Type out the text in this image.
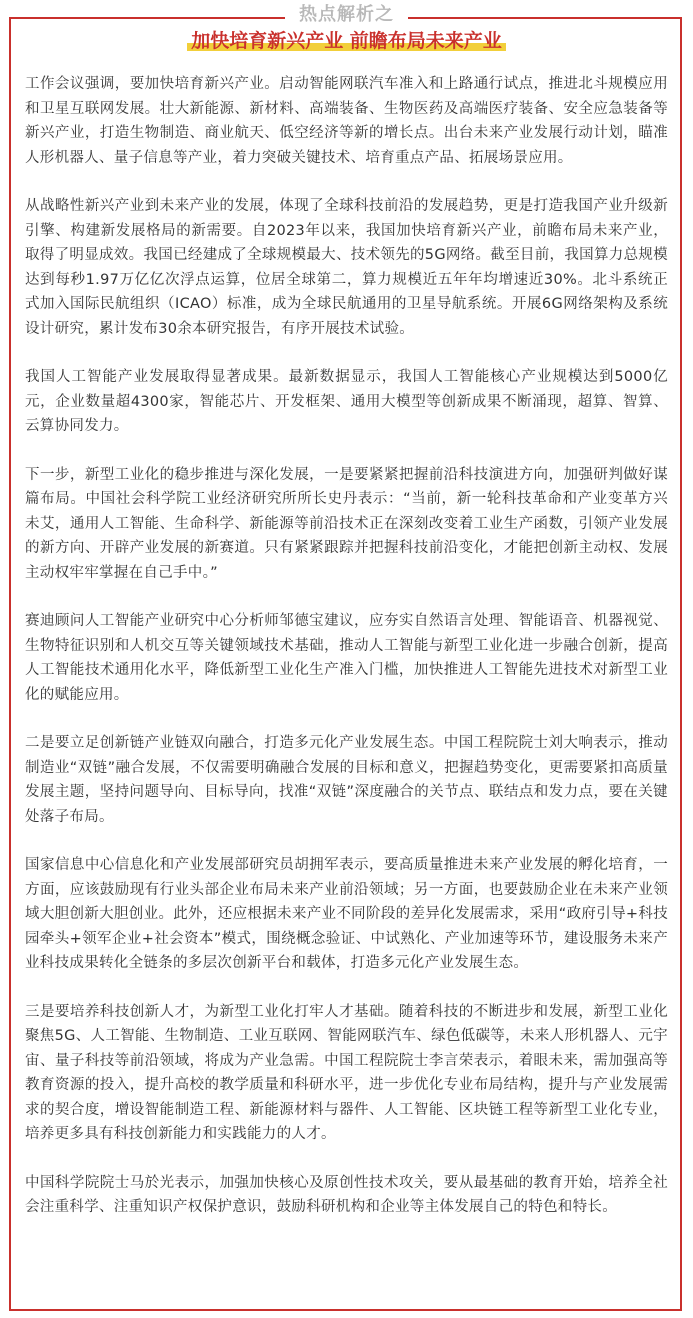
热点解析之
加快培育新兴产业 前瞻布局未来产业

工作会议强调，要加快培育新兴产业。启动智能网联汽车准入和上路通行试点，推进北斗规模应用和卫星互联网发展。壮大新能源、新材料、高端装备、生物医药及高端医疗装备、安全应急装备等新兴产业，打造生物制造、商业航天、低空经济等新的增长点。出台未来产业发展行动计划，瞄准人形机器人、量子信息等产业，着力突破关键技术、培育重点产品、拓展场景应用。

从战略性新兴产业到未来产业的发展，体现了全球科技前沿的发展趋势，更是打造我国产业升级新引擎、构建新发展格局的新需要。自2023年以来，我国加快培育新兴产业，前瞻布局未来产业，取得了明显成效。我国已经建成了全球规模最大、技术领先的5G网络。截至目前，我国算力总规模达到每秒1.97万亿亿次浮点运算，位居全球第二，算力规模近五年年均增速近30%。北斗系统正式加入国际民航组织（ICAO）标准，成为全球民航通用的卫星导航系统。开展6G网络架构及系统设计研究，累计发布30余本研究报告，有序开展技术试验。

我国人工智能产业发展取得显著成果。最新数据显示，我国人工智能核心产业规模达到5000亿元，企业数量超4300家，智能芯片、开发框架、通用大模型等创新成果不断涌现，超算、智算、云算协同发力。

下一步，新型工业化的稳步推进与深化发展，一是要紧紧把握前沿科技演进方向，加强研判做好谋篇布局。中国社会科学院工业经济研究所所长史丹表示：“当前，新一轮科技革命和产业变革方兴未艾，通用人工智能、生命科学、新能源等前沿技术正在深刻改变着工业生产函数，引领产业发展的新方向、开辟产业发展的新赛道。只有紧紧跟踪并把握科技前沿变化，才能把创新主动权、发展主动权牢牢掌握在自己手中。”

赛迪顾问人工智能产业研究中心分析师邹德宝建议，应夯实自然语言处理、智能语音、机器视觉、生物特征识别和人机交互等关键领域技术基础，推动人工智能与新型工业化进一步融合创新，提高人工智能技术通用化水平，降低新型工业化生产准入门槛，加快推进人工智能先进技术对新型工业化的赋能应用。

二是要立足创新链产业链双向融合，打造多元化产业发展生态。中国工程院院士刘大响表示，推动制造业“双链”融合发展，不仅需要明确融合发展的目标和意义，把握趋势变化，更需要紧扣高质量发展主题，坚持问题导向、目标导向，找准“双链”深度融合的关节点、联结点和发力点，要在关键处落子布局。

国家信息中心信息化和产业发展部研究员胡拥军表示，要高质量推进未来产业发展的孵化培育，一方面，应该鼓励现有行业头部企业布局未来产业前沿领域；另一方面，也要鼓励企业在未来产业领域大胆创新大胆创业。此外，还应根据未来产业不同阶段的差异化发展需求，采用“政府引导+科技园牵头+领军企业+社会资本”模式，围绕概念验证、中试熟化、产业加速等环节，建设服务未来产业科技成果转化全链条的多层次创新平台和载体，打造多元化产业发展生态。

三是要培养科技创新人才，为新型工业化打牢人才基础。随着科技的不断进步和发展，新型工业化聚焦5G、人工智能、生物制造、工业互联网、智能网联汽车、绿色低碳等，未来人形机器人、元宇宙、量子科技等前沿领域，将成为产业急需。中国工程院院士李言荣表示，着眼未来，需加强高等教育资源的投入，提升高校的教学质量和科研水平，进一步优化专业布局结构，提升与产业发展需求的契合度，增设智能制造工程、新能源材料与器件、人工智能、区块链工程等新型工业化专业，培养更多具有科技创新能力和实践能力的人才。

中国科学院院士马於光表示，加强加快核心及原创性技术攻关，要从最基础的教育开始，培养全社会注重科学、注重知识产权保护意识，鼓励科研机构和企业等主体发展自己的特色和特长。
